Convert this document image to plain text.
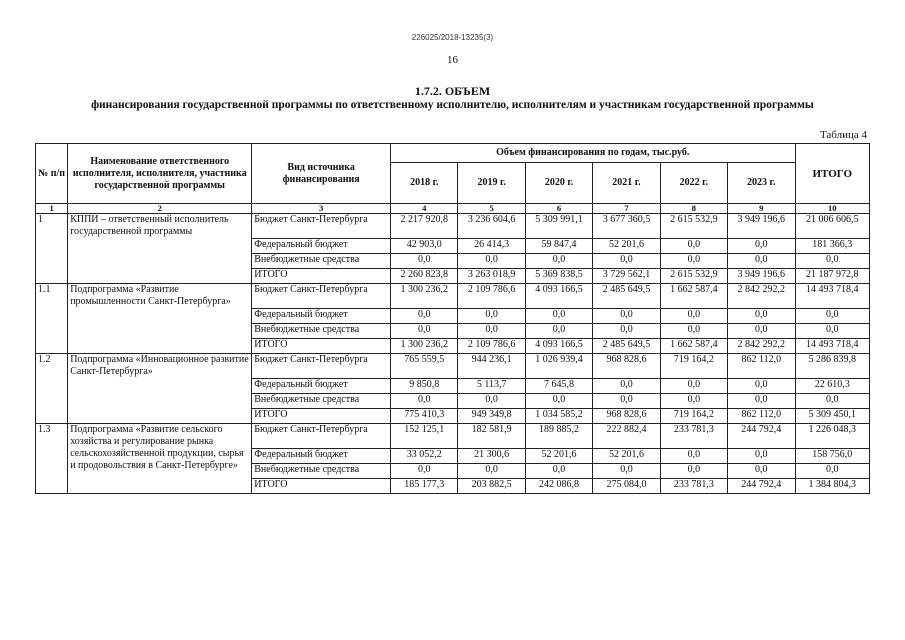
226025/2018-13235(3)
16
1.7.2. ОБЪЕМ
финансирования государственной программы по ответственному исполнителю, исполнителям и участникам государственной программы
Таблица 4
№ п/п	Наименование ответственного исполнителя, исполнителя, участника государственной программы	Вид источника финансирования	Объем финансирования по годам, тыс.руб.						ИТОГО
			2018 г.	2019 г.	2020 г.	2021 г.	2022 г.	2023 г.	
1	2	3	4	5	6	7	8	9	10
1	КППИ – ответственный исполнитель государственной программы	Бюджет Санкт-Петербурга	2 217 920,8	3 236 604,6	5 309 991,1	3 677 360,5	2 615 532,9	3 949 196,6	21 006 606,5
		Федеральный бюджет	42 903,0	26 414,3	59 847,4	52 201,6	0,0	0,0	181 366,3
		Внебюджетные средства	0,0	0,0	0,0	0,0	0,0	0,0	0,0
		ИТОГО	2 260 823,8	3 263 018,9	5 369 838,5	3 729 562,1	2 615 532,9	3 949 196,6	21 187 972,8
1.1	Подпрограмма «Развитие промышленности Санкт-Петербурга»	Бюджет Санкт-Петербурга	1 300 236,2	2 109 786,6	4 093 166,5	2 485 649,5	1 662 587,4	2 842 292,2	14 493 718,4
		Федеральный бюджет	0,0	0,0	0,0	0,0	0,0	0,0	0,0
		Внебюджетные средства	0,0	0,0	0,0	0,0	0,0	0,0	0,0
		ИТОГО	1 300 236,2	2 109 786,6	4 093 166,5	2 485 649,5	1 662 587,4	2 842 292,2	14 493 718,4
1.2	Подпрограмма «Инновационное развитие Санкт-Петербурга»	Бюджет Санкт-Петербурга	765 559,5	944 236,1	1 026 939,4	968 828,6	719 164,2	862 112,0	5 286 839,8
		Федеральный бюджет	9 850,8	5 113,7	7 645,8	0,0	0,0	0,0	22 610,3
		Внебюджетные средства	0,0	0,0	0,0	0,0	0,0	0,0	0,0
		ИТОГО	775 410,3	949 349,8	1 034 585,2	968 828,6	719 164,2	862 112,0	5 309 450,1
1.3	Подпрограмма «Развитие сельского хозяйства и регулирование рынка сельскохозяйственной продукции, сырья и продовольствия в Санкт-Петербурге»	Бюджет Санкт-Петербурга	152 125,1	182 581,9	189 885,2	222 882,4	233 781,3	244 792,4	1 226 048,3
		Федеральный бюджет	33 052,2	21 300,6	52 201,6	52 201,6	0,0	0,0	158 756,0
		Внебюджетные средства	0,0	0,0	0,0	0,0	0,0	0,0	0,0
		ИТОГО	185 177,3	203 882,5	242 086,8	275 084,0	233 781,3	244 792,4	1 384 804,3
